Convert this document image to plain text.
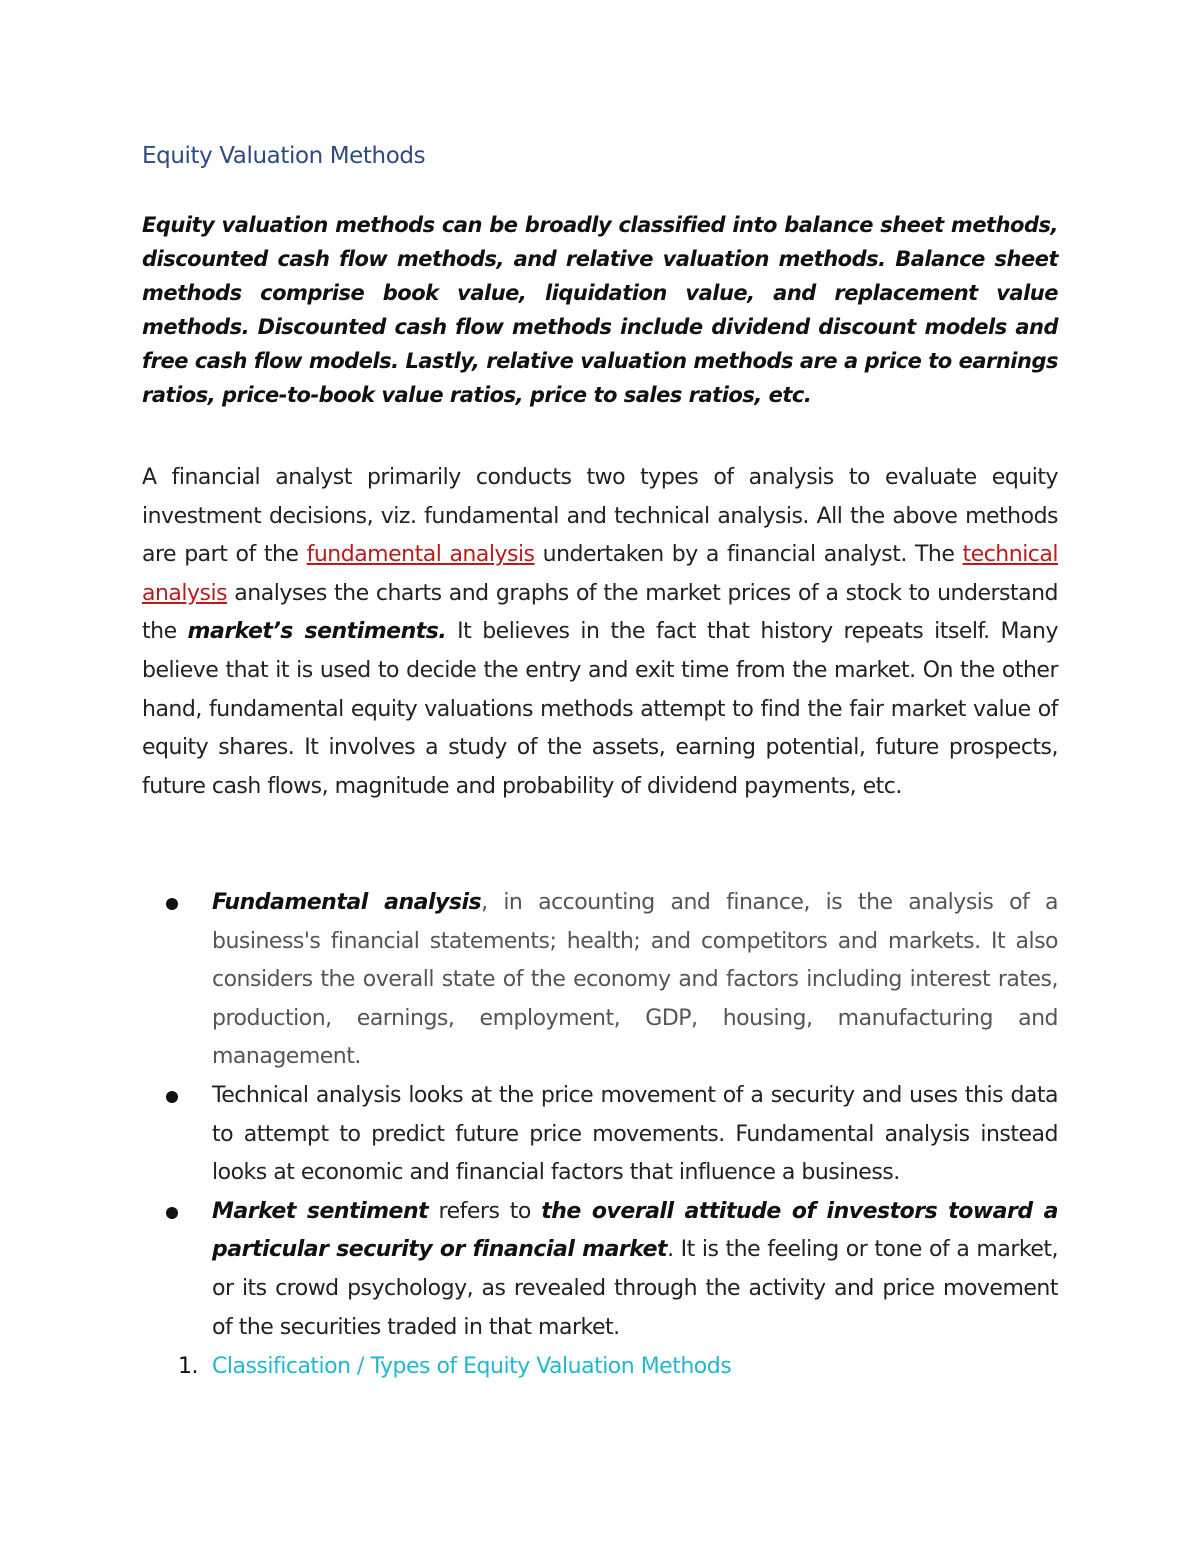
Equity Valuation Methods

Equity valuation methods can be broadly classified into balance sheet methods, discounted cash flow methods, and relative valuation methods. Balance sheet methods comprise book value, liquidation value, and replacement value methods. Discounted cash flow methods include dividend discount models and free cash flow models. Lastly, relative valuation methods are a price to earnings ratios, price-to-book value ratios, price to sales ratios, etc.

A financial analyst primarily conducts two types of analysis to evaluate equity investment decisions, viz. fundamental and technical analysis. All the above methods are part of the fundamental analysis undertaken by a financial analyst. The technical analysis analyses the charts and graphs of the market prices of a stock to understand the market’s sentiments. It believes in the fact that history repeats itself. Many believe that it is used to decide the entry and exit time from the market. On the other hand, fundamental equity valuations methods attempt to find the fair market value of equity shares. It involves a study of the assets, earning potential, future prospects, future cash flows, magnitude and probability of dividend payments, etc.

Fundamental analysis, in accounting and finance, is the analysis of a business's financial statements; health; and competitors and markets. It also considers the overall state of the economy and factors including interest rates, production, earnings, employment, GDP, housing, manufacturing and management.
Technical analysis looks at the price movement of a security and uses this data to attempt to predict future price movements. Fundamental analysis instead looks at economic and financial factors that influence a business.
Market sentiment refers to the overall attitude of investors toward a particular security or financial market. It is the feeling or tone of a market, or its crowd psychology, as revealed through the activity and price movement of the securities traded in that market.
1. Classification / Types of Equity Valuation Methods
